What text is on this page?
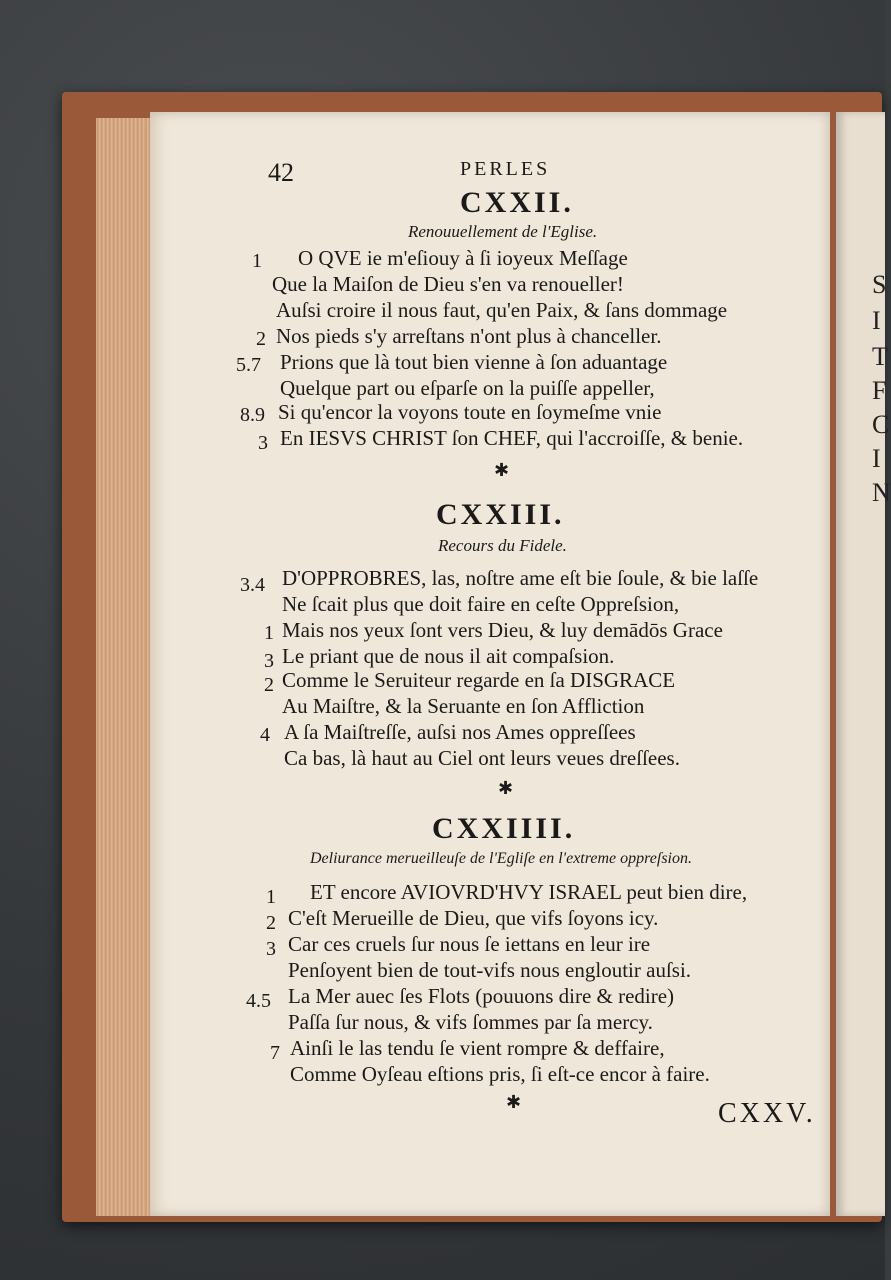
S
I
T
F
C
I
N
42	PERLES
CXXII.
Renouuellement de l'Eglise.
1 O QVE ie m'eſiouy à ſi ioyeux Meſſage
Que la Maiſon de Dieu s'en va renoueller!
Auſsi croire il nous faut, qu'en Paix, & ſans dommage
2 Nos pieds s'y arreſtans n'ont plus à chanceller.
5.7 Prions que là tout bien vienne à ſon aduantage
Quelque part ou eſparſe on la puiſſe appeller,
8.9 Si qu'encor la voyons toute en ſoymeſme vnie
3 En IESVS CHRIST ſon CHEF, qui l'accroiſſe, & benie.
✱
CXXIII.
Recours du Fidele.
3.4 D'OPPROBRES, las, noſtre ame eſt bie ſoule, & bie laſſe
Ne ſcait plus que doit faire en ceſte Oppreſsion,
1 Mais nos yeux ſont vers Dieu, & luy demādōs Grace
3 Le priant que de nous il ait compaſsion.
2 Comme le Seruiteur regarde en ſa DISGRACE
Au Maiſtre, & la Seruante en ſon Affliction
4 A ſa Maiſtreſſe, auſsi nos Ames oppreſſees
Ca bas, là haut au Ciel ont leurs veues dreſſees.
✱
CXXIIII.
Deliurance merueilleuſe de l'Egliſe en l'extreme oppreſsion.
1 ET encore AVIOVRD'HVY ISRAEL peut bien dire,
2 C'eſt Merueille de Dieu, que vifs ſoyons icy.
3 Car ces cruels ſur nous ſe iettans en leur ire
Penſoyent bien de tout-vifs nous engloutir auſsi.
4.5 La Mer auec ſes Flots (pouuons dire & redire)
Paſſa ſur nous, & vifs ſommes par ſa mercy.
7 Ainſi le las tendu ſe vient rompre & deffaire,
Comme Oyſeau eſtions pris, ſi eſt-ce encor à faire.
✱	CXXV.
